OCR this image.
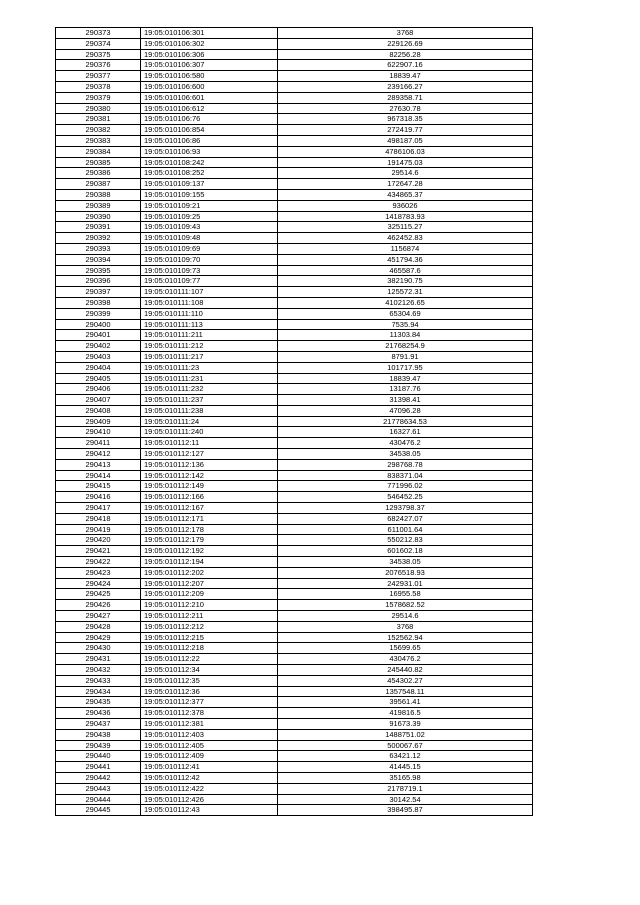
290373	19:05:010106:301	3768
290374	19:05:010106:302	229126.69
290375	19:05:010106:306	82256.28
290376	19:05:010106:307	622907.16
290377	19:05:010106:580	18839.47
290378	19:05:010106:600	239166.27
290379	19:05:010106:601	289358.71
290380	19:05:010106:612	27630.78
290381	19:05:010106:76	967318.35
290382	19:05:010106:854	272419.77
290383	19:05:010106:86	498187.05
290384	19:05:010106:93	4786106.03
290385	19:05:010108:242	191475.03
290386	19:05:010108:252	29514.6
290387	19:05:010109:137	172647.28
290388	19:05:010109:155	434865.37
290389	19:05:010109:21	936026
290390	19:05:010109:25	1418783.93
290391	19:05:010109:43	325115.27
290392	19:05:010109:48	462452.83
290393	19:05:010109:69	1156874
290394	19:05:010109:70	451794.36
290395	19:05:010109:73	465587.6
290396	19:05:010109:77	382190.75
290397	19:05:010111:107	125572.31
290398	19:05:010111:108	4102126.65
290399	19:05:010111:110	65304.69
290400	19:05:010111:113	7535.94
290401	19:05:010111:211	11303.84
290402	19:05:010111:212	21768254.9
290403	19:05:010111:217	8791.91
290404	19:05:010111:23	101717.95
290405	19:05:010111:231	18839.47
290406	19:05:010111:232	13187.76
290407	19:05:010111:237	31398.41
290408	19:05:010111:238	47096.28
290409	19:05:010111:24	21778634.53
290410	19:05:010111:240	16327.61
290411	19:05:010112:11	430476.2
290412	19:05:010112:127	34538.05
290413	19:05:010112:136	298768.78
290414	19:05:010112:142	838371.04
290415	19:05:010112:149	771996.02
290416	19:05:010112:166	546452.25
290417	19:05:010112:167	1293798.37
290418	19:05:010112:171	682427.07
290419	19:05:010112:178	611001.64
290420	19:05:010112:179	550212.83
290421	19:05:010112:192	601602.18
290422	19:05:010112:194	34538.05
290423	19:05:010112:202	2076518.93
290424	19:05:010112:207	242931.01
290425	19:05:010112:209	16955.58
290426	19:05:010112:210	1578682.52
290427	19:05:010112:211	29514.6
290428	19:05:010112:212	3768
290429	19:05:010112:215	152562.94
290430	19:05:010112:218	15699.65
290431	19:05:010112:22	430476.2
290432	19:05:010112:34	245440.82
290433	19:05:010112:35	454302.27
290434	19:05:010112:36	1357548.11
290435	19:05:010112:377	39561.41
290436	19:05:010112:378	419816.5
290437	19:05:010112:381	91673.39
290438	19:05:010112:403	1488751.02
290439	19:05:010112:405	500067.67
290440	19:05:010112:409	63421.12
290441	19:05:010112:41	41445.15
290442	19:05:010112:42	35165.98
290443	19:05:010112:422	2178719.1
290444	19:05:010112:426	30142.54
290445	19:05:010112:43	398495.87
